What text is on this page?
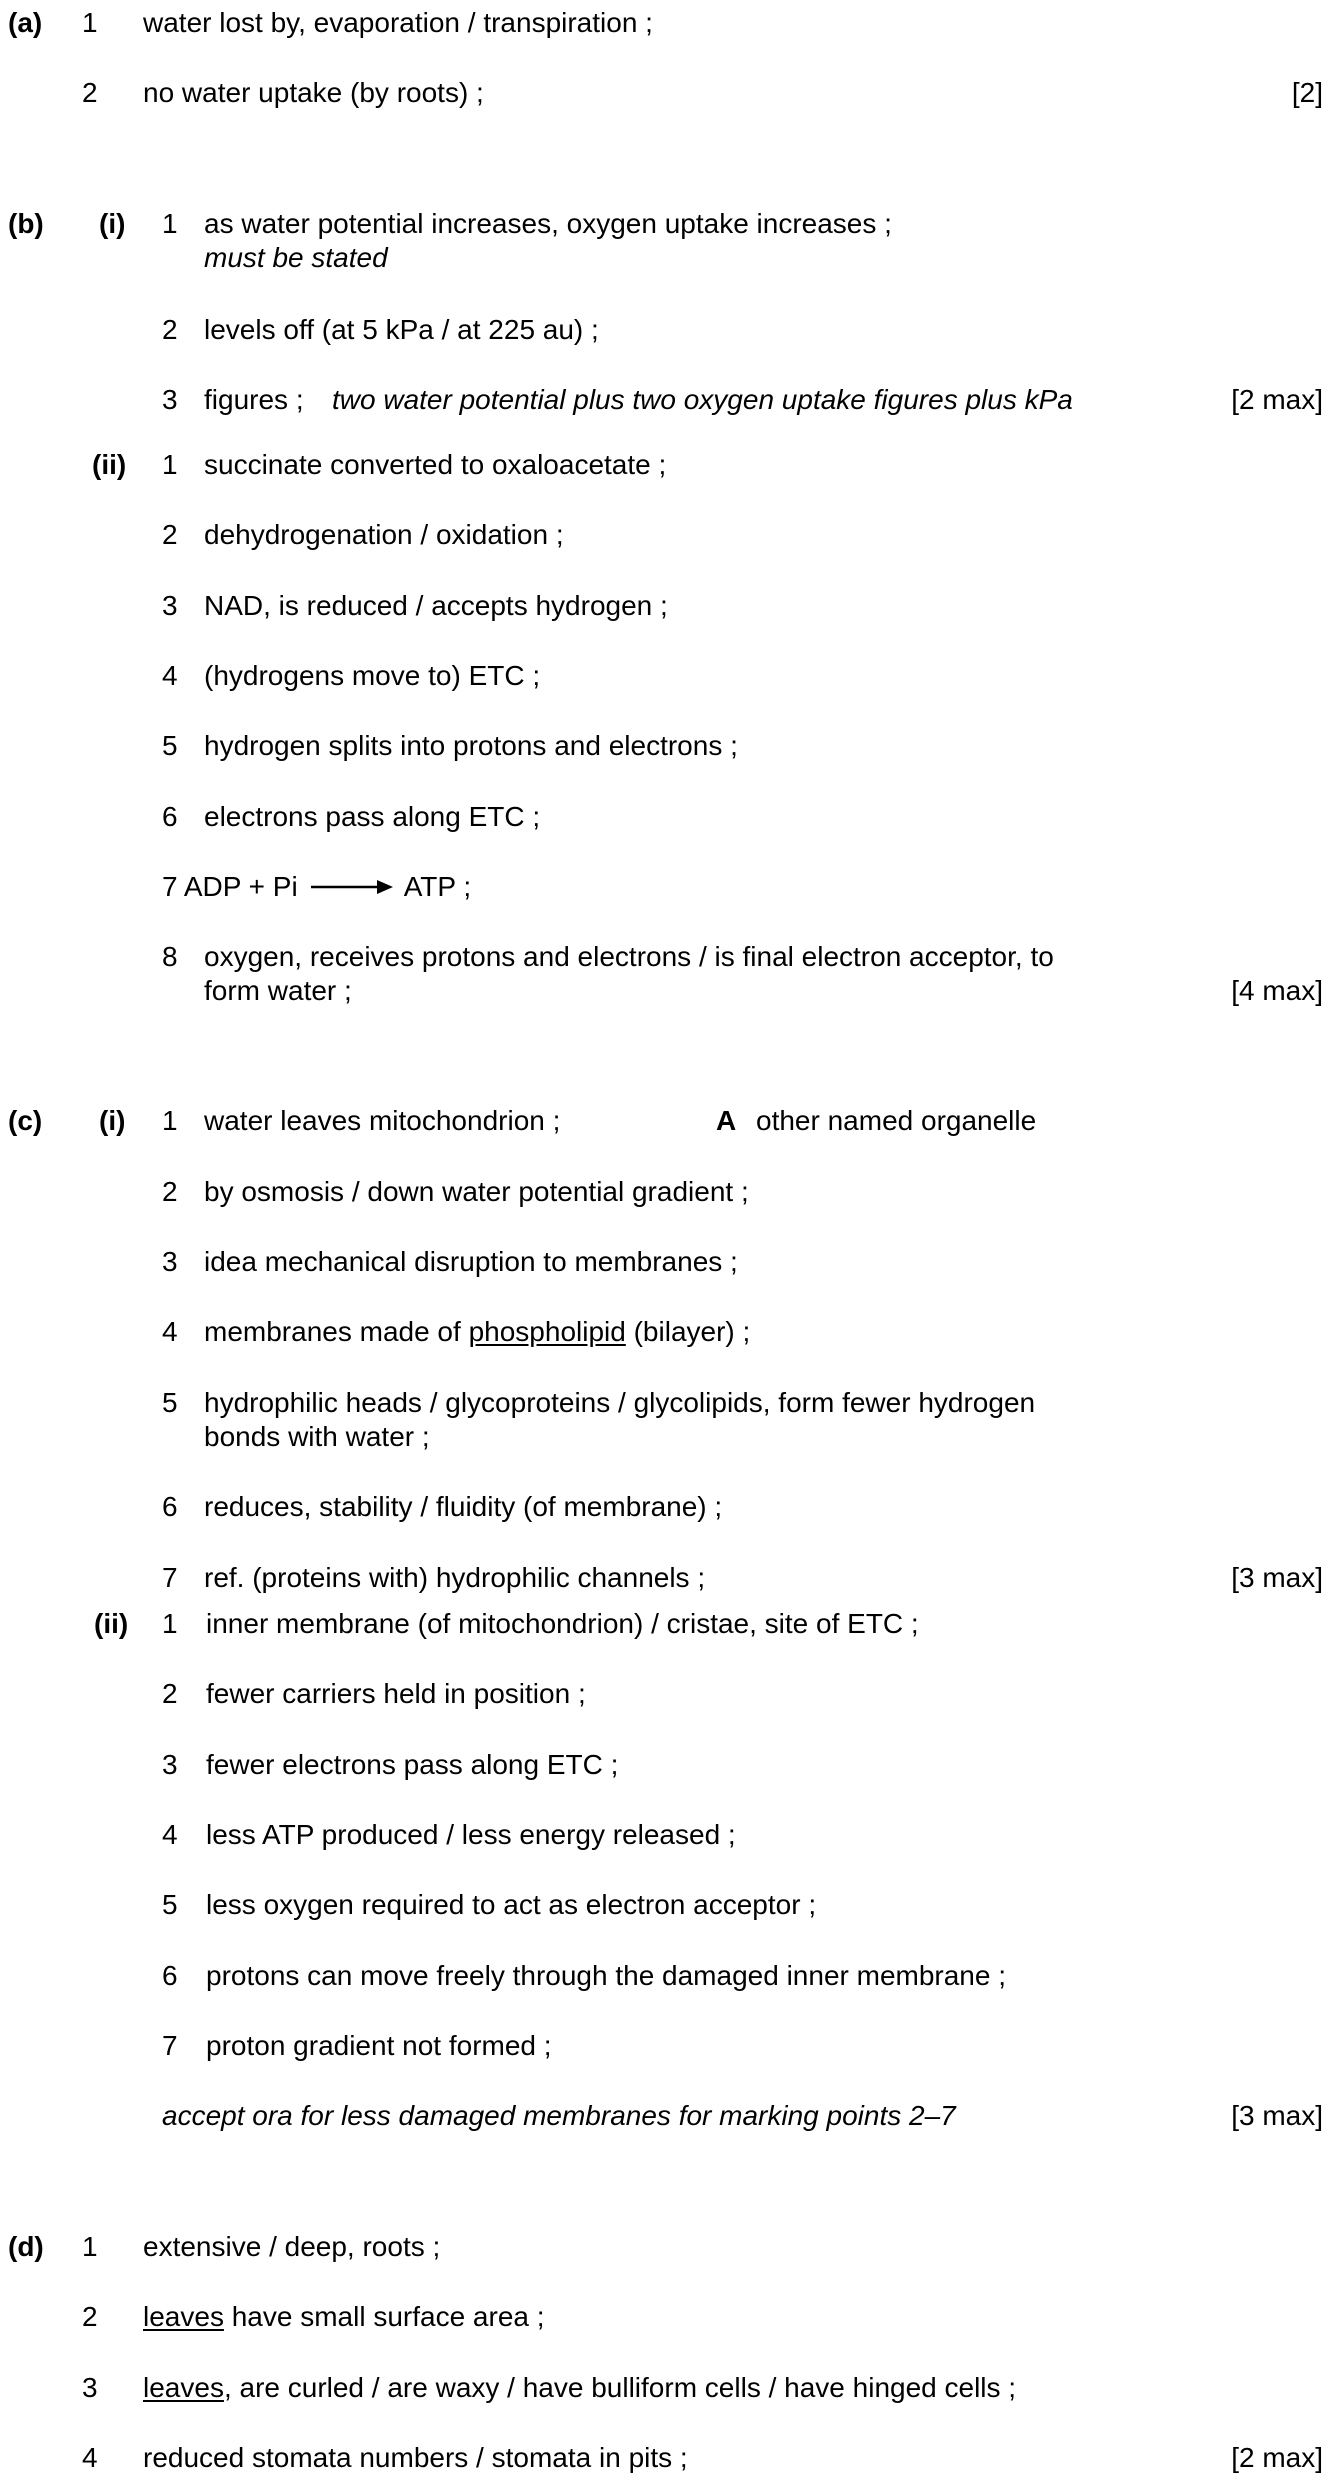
(a) 1 water lost by, evaporation / transpiration ;
2 no water uptake (by roots) ;	[2]
(b) (i) 1 as water potential increases, oxygen uptake increases ;
must be stated
2 levels off (at 5 kPa / at 225 au) ;
3 figures ; two water potential plus two oxygen uptake figures plus kPa	[2 max]
(ii) 1 succinate converted to oxaloacetate ;
2 dehydrogenation / oxidation ;
3 NAD, is reduced / accepts hydrogen ;
4 (hydrogens move to) ETC ;
5 hydrogen splits into protons and electrons ;
6 electrons pass along ETC ;
7 ADP + Pi	ATP ;
8 oxygen, receives protons and electrons / is final electron acceptor, to
form water ;	[4 max]
(c) (i) 1 water leaves mitochondrion ;	A other named organelle
2 by osmosis / down water potential gradient ;
3 idea mechanical disruption to membranes ;
4 membranes made of phospholipid (bilayer) ;
5 hydrophilic heads / glycoproteins / glycolipids, form fewer hydrogen
bonds with water ;
6 reduces, stability / fluidity (of membrane) ;
7 ref. (proteins with) hydrophilic channels ;	[3 max]
(ii) 1 inner membrane (of mitochondrion) / cristae, site of ETC ;
2 fewer carriers held in position ;
3 fewer electrons pass along ETC ;
4 less ATP produced / less energy released ;
5 less oxygen required to act as electron acceptor ;
6 protons can move freely through the damaged inner membrane ;
7 proton gradient not formed ;
accept ora for less damaged membranes for marking points 2–7	[3 max]
(d) 1 extensive / deep, roots ;
2 leaves have small surface area ;
3 leaves, are curled / are waxy / have bulliform cells / have hinged cells ;
4 reduced stomata numbers / stomata in pits ;	[2 max]
